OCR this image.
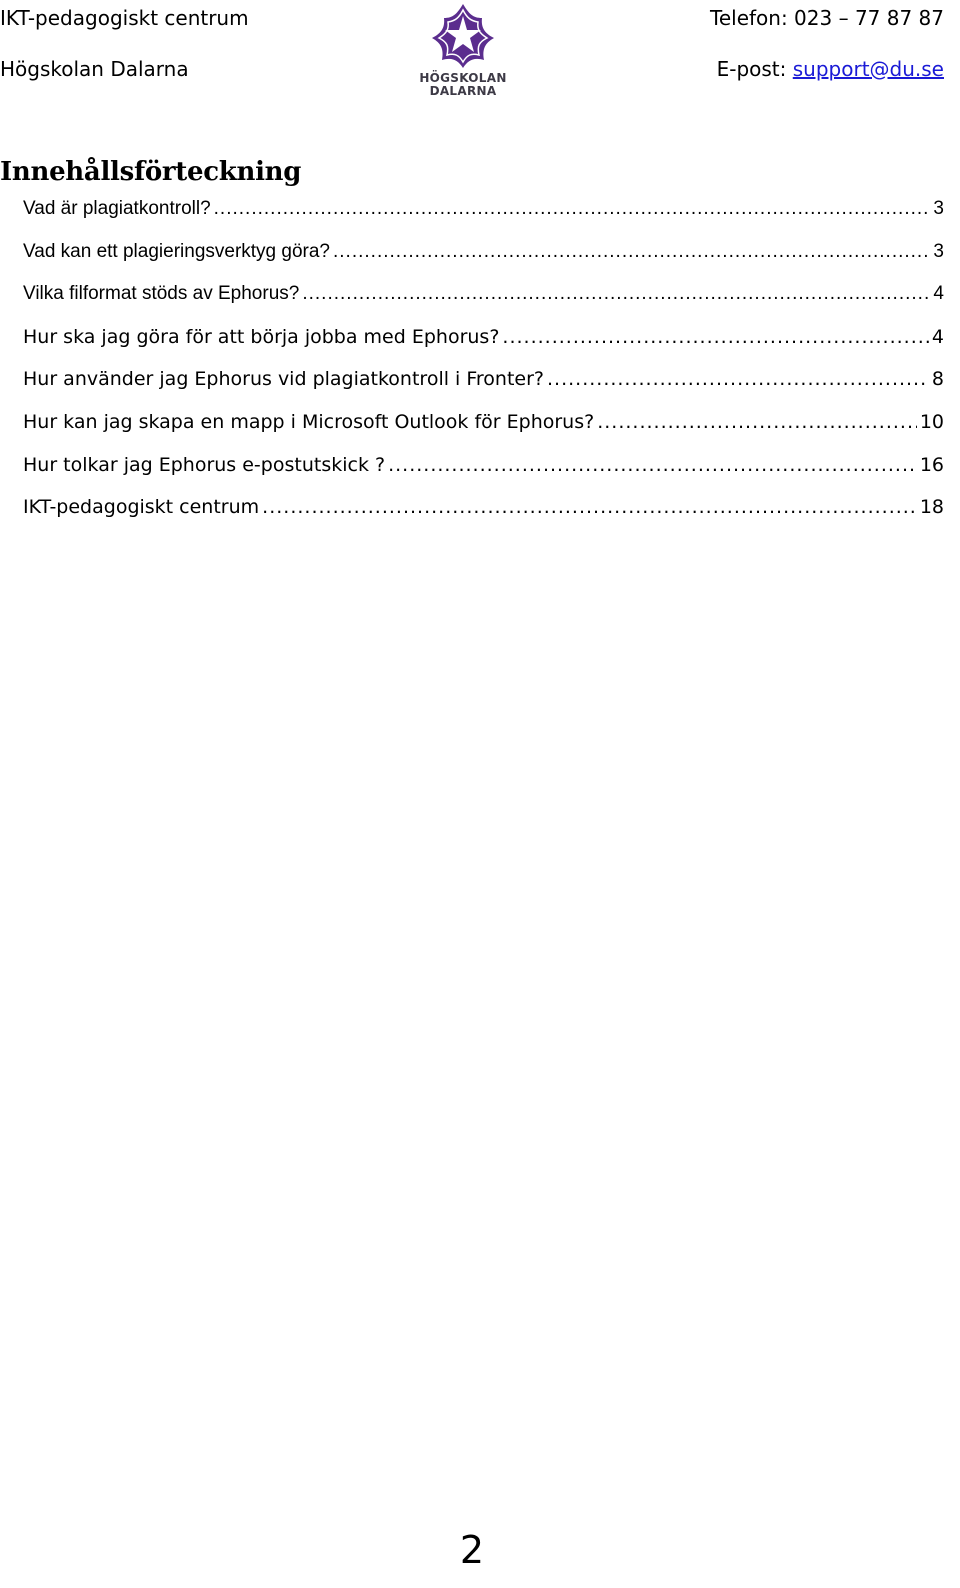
IKT-pedagogiskt centrum
Högskolan Dalarna	HÖGSKOLAN
DALARNA
Telefon: 023 – 77 87 87
E-post: support@du.se
Innehållsförteckning
Vad är plagiatkontroll? .....	3
Vad kan ett plagieringsverktyg göra? .....	3
Vilka filformat stöds av Ephorus? .....	4
Hur ska jag göra för att börja jobba med Ephorus? .....	4
Hur använder jag Ephorus vid plagiatkontroll i Fronter? .....	8
Hur kan jag skapa en mapp i Microsoft Outlook för Ephorus? .....	10
Hur tolkar jag Ephorus e-postutskick ? .....	16
IKT-pedagogiskt centrum .....	18
2
